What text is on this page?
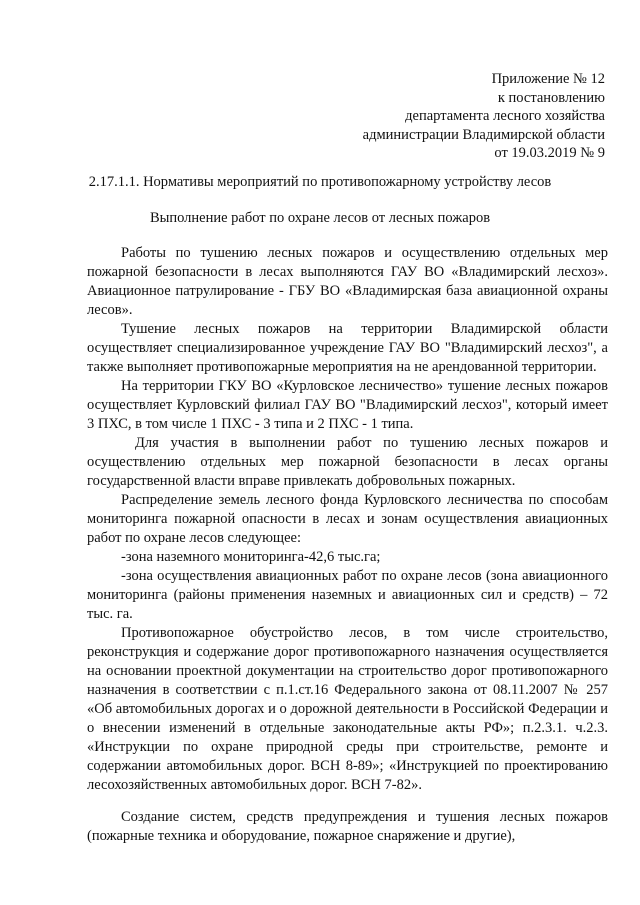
Приложение № 12
к постановлению
департамента лесного хозяйства
администрации Владимирской области
от 19.03.2019 № 9
2.17.1.1. Нормативы мероприятий по противопожарному устройству лесов
Выполнение работ по охране лесов от лесных пожаров

Работы по тушению лесных пожаров и осуществлению отдельных мер пожарной безопасности в лесах выполняются ГАУ ВО «Владимирский лесхоз». Авиационное патрулирование - ГБУ ВО «Владимирская база авиационной охраны лесов».

Тушение лесных пожаров на территории Владимирской области осуществляет специализированное учреждение ГАУ ВО "Владимирский лесхоз", а также выполняет противопожарные мероприятия на не арендованной территории.

На территории ГКУ ВО «Курловское лесничество» тушение лесных пожаров осуществляет Курловский филиал ГАУ ВО "Владимирский лесхоз", который имеет 3 ПХС, в том числе 1 ПХС - 3 типа и 2 ПХС - 1 типа.

Для участия в выполнении работ по тушению лесных пожаров и осуществлению отдельных мер пожарной безопасности в лесах органы государственной власти вправе привлекать добровольных пожарных.

Распределение земель лесного фонда Курловского лесничества по способам мониторинга пожарной опасности в лесах и зонам осуществления авиационных работ по охране лесов следующее:

-зона наземного мониторинга-42,6 тыс.га;

-зона осуществления авиационных работ по охране лесов (зона авиационного мониторинга (районы применения наземных и авиационных сил и средств) – 72 тыс. га.

Противопожарное обустройство лесов, в том числе строительство, реконструкция и содержание дорог противопожарного назначения осуществляется на основании проектной документации на строительство дорог противопожарного назначения в соответствии с п.1.ст.16 Федерального закона от 08.11.2007 № 257 «Об автомобильных дорогах и о дорожной деятельности в Российской Федерации и о внесении изменений в отдельные законодательные акты РФ»; п.2.3.1. ч.2.3. «Инструкции по охране природной среды при строительстве, ремонте и содержании автомобильных дорог. ВСН 8-89»; «Инструкцией по проектированию лесохозяйственных автомобильных дорог. ВСН 7-82».

Создание систем, средств предупреждения и тушения лесных пожаров (пожарные техника и оборудование, пожарное снаряжение и другие),
